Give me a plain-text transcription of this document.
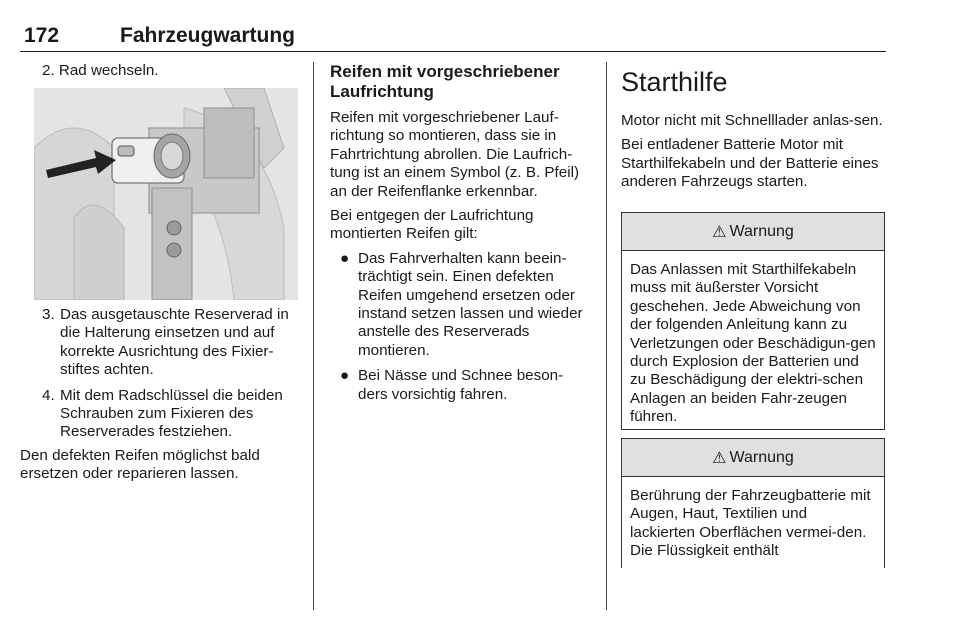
172	Fahrzeugwartung

2. Rad wechseln.

3. Das ausgetauschte Reserverad in die Halterung einsetzen und auf korrekte Ausrichtung des Fixier-stiftes achten.
4. Mit dem Radschlüssel die beiden Schrauben zum Fixieren des Reserverades festziehen.

Den defekten Reifen möglichst bald ersetzen oder reparieren lassen.

Reifen mit vorgeschriebener Laufrichtung

Reifen mit vorgeschriebener Lauf-richtung so montieren, dass sie in Fahrtrichtung abrollen. Die Laufrich-tung ist an einem Symbol (z. B. Pfeil) an der Reifenflanke erkennbar.

Bei entgegen der Laufrichtung montierten Reifen gilt:

● Das Fahrverhalten kann beein-trächtigt sein. Einen defekten Reifen umgehend ersetzen oder instand setzen lassen und wieder anstelle des Reserverads montieren.
● Bei Nässe und Schnee beson-ders vorsichtig fahren.
Starthilfe

Motor nicht mit Schnelllader anlas-sen.

Bei entladener Batterie Motor mit Starthilfekabeln und der Batterie eines anderen Fahrzeugs starten.

⚠ Warnung
Das Anlassen mit Starthilfekabeln muss mit äußerster Vorsicht geschehen. Jede Abweichung von der folgenden Anleitung kann zu Verletzungen oder Beschädigun-gen durch Explosion der Batterien und zu Beschädigung der elektri-schen Anlagen an beiden Fahr-zeugen führen.
⚠ Warnung
Berührung der Fahrzeugbatterie mit Augen, Haut, Textilien und lackierten Oberflächen vermei-den. Die Flüssigkeit enthält
